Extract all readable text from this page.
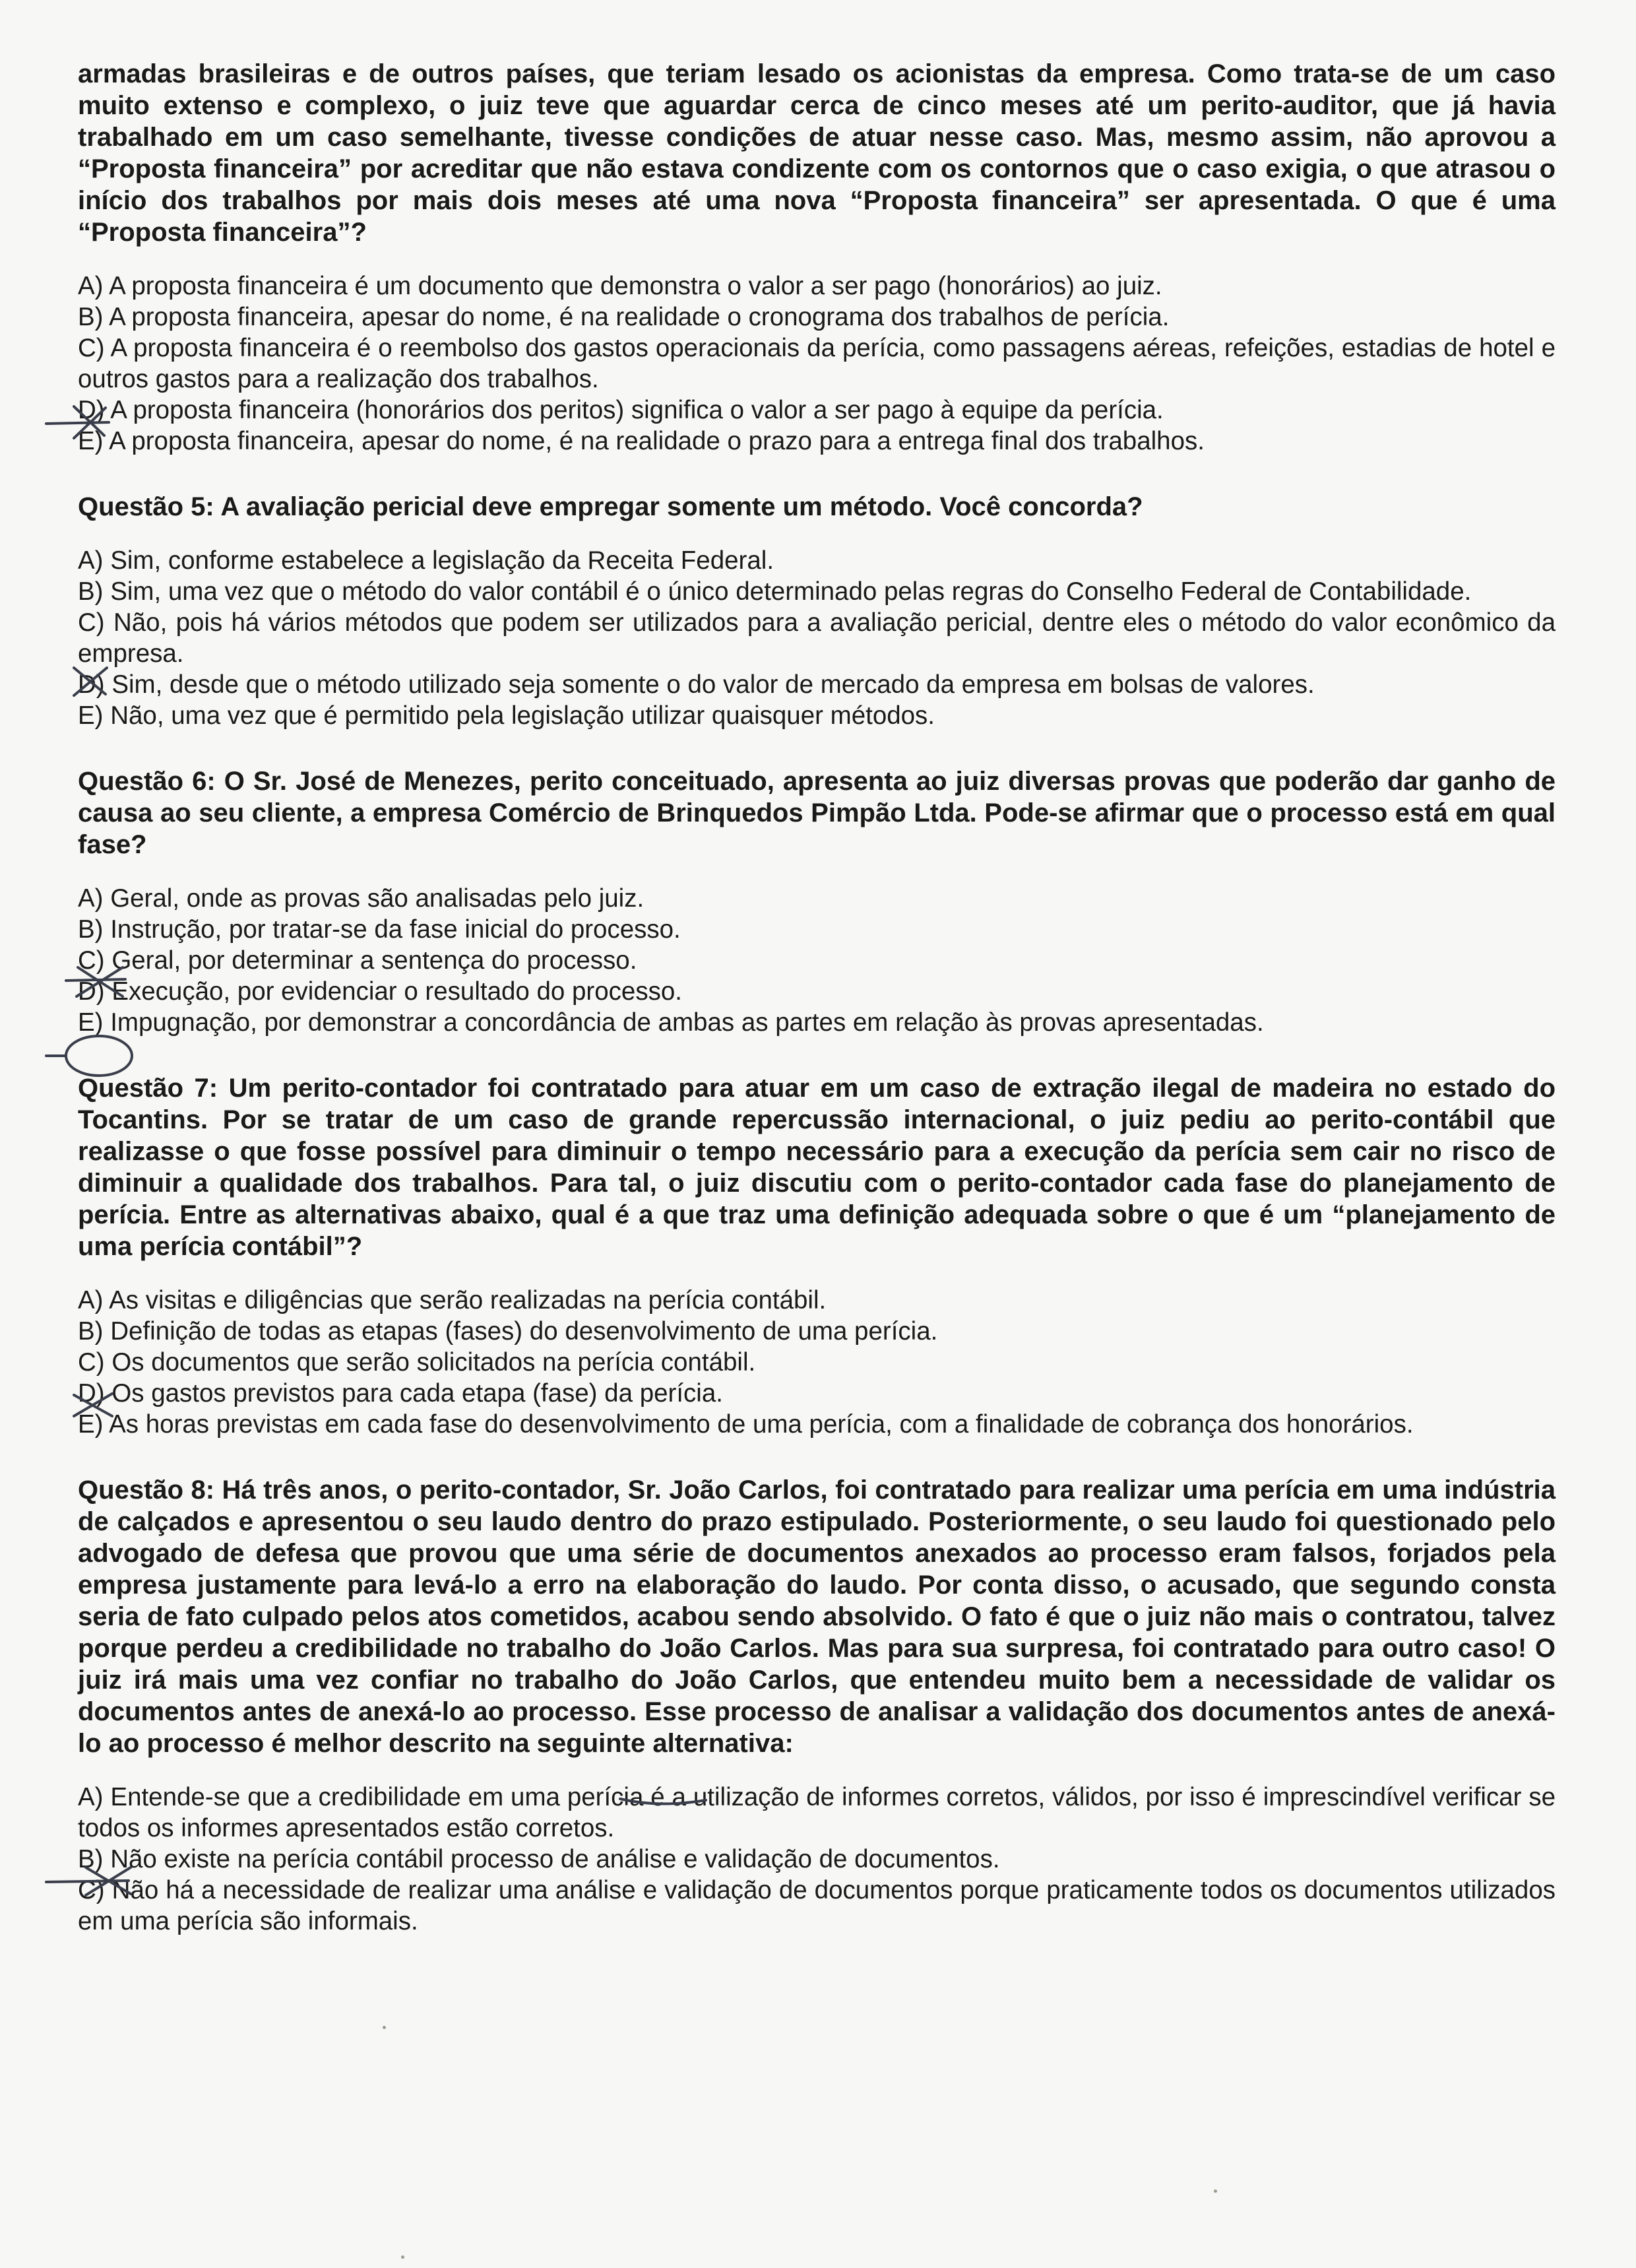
armadas brasileiras e de outros países, que teriam lesado os acionistas da empresa. Como trata-se de um caso muito extenso e complexo, o juiz teve que aguardar cerca de cinco meses até um perito-auditor, que já havia trabalhado em um caso semelhante, tivesse condições de atuar nesse caso. Mas, mesmo assim, não aprovou a “Proposta financeira” por acreditar que não estava condizente com os contornos que o caso exigia, o que atrasou o início dos trabalhos por mais dois meses até uma nova “Proposta financeira” ser apresentada. O que é uma “Proposta financeira”?

A) A proposta financeira é um documento que demonstra o valor a ser pago (honorários) ao juiz.
B) A proposta financeira, apesar do nome, é na realidade o cronograma dos trabalhos de perícia.
C) A proposta financeira é o reembolso dos gastos operacionais da perícia, como passagens aéreas, refeições, estadias de hotel e outros gastos para a realização dos trabalhos.
D) A proposta financeira (honorários dos peritos) significa o valor a ser pago à equipe da perícia.
E) A proposta financeira, apesar do nome, é na realidade o prazo para a entrega final dos trabalhos.

Questão 5: A avaliação pericial deve empregar somente um método. Você concorda?

A) Sim, conforme estabelece a legislação da Receita Federal.
B) Sim, uma vez que o método do valor contábil é o único determinado pelas regras do Conselho Federal de Contabilidade.
C) Não, pois há vários métodos que podem ser utilizados para a avaliação pericial, dentre eles o método do valor econômico da empresa.
D) Sim, desde que o método utilizado seja somente o do valor de mercado da empresa em bolsas de valores.
E) Não, uma vez que é permitido pela legislação utilizar quaisquer métodos.

Questão 6: O Sr. José de Menezes, perito conceituado, apresenta ao juiz diversas provas que poderão dar ganho de causa ao seu cliente, a empresa Comércio de Brinquedos Pimpão Ltda. Pode-se afirmar que o processo está em qual fase?

A) Geral, onde as provas são analisadas pelo juiz.
B) Instrução, por tratar-se da fase inicial do processo.
C) Geral, por determinar a sentença do processo.
D) Execução, por evidenciar o resultado do processo.
E) Impugnação, por demonstrar a concordância de ambas as partes em relação às provas apresentadas.

Questão 7: Um perito-contador foi contratado para atuar em um caso de extração ilegal de madeira no estado do Tocantins. Por se tratar de um caso de grande repercussão internacional, o juiz pediu ao perito-contábil que realizasse o que fosse possível para diminuir o tempo necessário para a execução da perícia sem cair no risco de diminuir a qualidade dos trabalhos. Para tal, o juiz discutiu com o perito-contador cada fase do planejamento de perícia. Entre as alternativas abaixo, qual é a que traz uma definição adequada sobre o que é um “planejamento de uma perícia contábil”?

A) As visitas e diligências que serão realizadas na perícia contábil.
B) Definição de todas as etapas (fases) do desenvolvimento de uma perícia.
C) Os documentos que serão solicitados na perícia contábil.
D) Os gastos previstos para cada etapa (fase) da perícia.
E) As horas previstas em cada fase do desenvolvimento de uma perícia, com a finalidade de cobrança dos honorários.

Questão 8: Há três anos, o perito-contador, Sr. João Carlos, foi contratado para realizar uma perícia em uma indústria de calçados e apresentou o seu laudo dentro do prazo estipulado. Posteriormente, o seu laudo foi questionado pelo advogado de defesa que provou que uma série de documentos anexados ao processo eram falsos, forjados pela empresa justamente para levá-lo a erro na elaboração do laudo. Por conta disso, o acusado, que segundo consta seria de fato culpado pelos atos cometidos, acabou sendo absolvido. O fato é que o juiz não mais o contratou, talvez porque perdeu a credibilidade no trabalho do João Carlos. Mas para sua surpresa, foi contratado para outro caso! O juiz irá mais uma vez confiar no trabalho do João Carlos, que entendeu muito bem a necessidade de validar os documentos antes de anexá-lo ao processo. Esse processo de analisar a validação dos documentos antes de anexá-lo ao processo é melhor descrito na seguinte alternativa:

A) Entende-se que a credibilidade em uma perícia é a utilização de informes corretos, válidos, por isso é imprescindível verificar se todos os informes apresentados estão corretos.
B) Não existe na perícia contábil processo de análise e validação de documentos.
C) Não há a necessidade de realizar uma análise e validação de documentos porque praticamente todos os documentos utilizados em uma perícia são informais.
